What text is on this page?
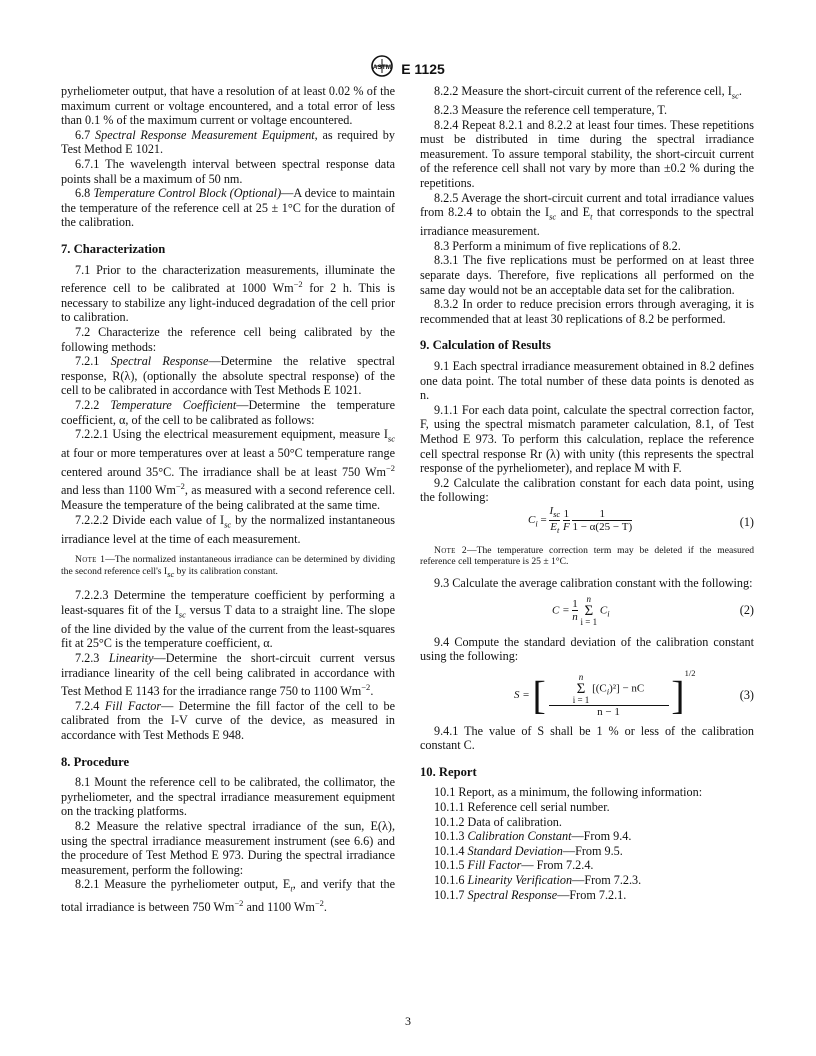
ASTM E 1125

pyrheliometer output, that have a resolution of at least 0.02 % of the maximum current or voltage encountered, and a total error of less than 0.1 % of the maximum current or voltage encountered.

6.7 Spectral Response Measurement Equipment, as required by Test Method E 1021.

6.7.1 The wavelength interval between spectral response data points shall be a maximum of 50 nm.

6.8 Temperature Control Block (Optional)—A device to maintain the temperature of the reference cell at 25 ± 1°C for the duration of the calibration.

7. Characterization

7.1 Prior to the characterization measurements, illuminate the reference cell to be calibrated at 1000 $Wm^{-2}$ for 2 h. This is necessary to stabilize any light-induced degradation of the cell prior to calibration.

7.2 Characterize the reference cell being calibrated by the following methods:

7.2.1 Spectral Response—Determine the relative spectral response, R(λ), (optionally the absolute spectral response) of the cell to be calibrated in accordance with Test Methods E 1021.

7.2.2 Temperature Coefficient—Determine the temperature coefficient, α, of the cell to be calibrated as follows:

7.2.2.1 Using the electrical measurement equipment, measure $I_{sc}$ at four or more temperatures over at least a 50°C temperature range centered around 35°C. The irradiance shall be at least 750 $Wm^{-2}$ and less than 1100 $Wm^{-2}$, as measured with a second reference cell. Measure the temperature of the being calibrated at the same time.

7.2.2.2 Divide each value of $I_{sc}$ by the normalized instantaneous irradiance level at the time of each measurement.

Note 1—The normalized instantaneous irradiance can be determined by dividing the second reference cell's $I_{sc}$ by its calibration constant.

7.2.2.3 Determine the temperature coefficient by performing a least-squares fit of the $I_{sc}$ versus T data to a straight line. The slope of the line divided by the value of the current from the least-squares fit at 25°C is the temperature coefficient, α.

7.2.3 Linearity—Determine the short-circuit current versus irradiance linearity of the cell being calibrated in accordance with Test Method E 1143 for the irradiance range 750 to 1100 $Wm^{-2}$.

7.2.4 Fill Factor— Determine the fill factor of the cell to be calibrated from the I-V curve of the device, as measured in accordance with Test Methods E 948.

8. Procedure

8.1 Mount the reference cell to be calibrated, the collimator, the pyrheliometer, and the spectral irradiance measurement equipment on the tracking platforms.

8.2 Measure the relative spectral irradiance of the sun, E(λ), using the spectral irradiance measurement instrument (see 6.6) and the procedure of Test Method E 973. During the spectral irradiance measurement, perform the following:

8.2.1 Measure the pyrheliometer output, $E_t$, and verify that the total irradiance is between 750 $Wm^{-2}$ and 1100 $Wm^{-2}$.

8.2.2 Measure the short-circuit current of the reference cell, $I_{sc}$.

8.2.3 Measure the reference cell temperature, T.

8.2.4 Repeat 8.2.1 and 8.2.2 at least four times. These repetitions must be distributed in time during the spectral irradiance measurement. To assure temporal stability, the short-circuit current of the reference cell shall not vary by more than ±0.2 % during the repetitions.

8.2.5 Average the short-circuit current and total irradiance values from 8.2.4 to obtain the $I_{sc}$ and $E_t$ that corresponds to the spectral irradiance measurement.

8.3 Perform a minimum of five replications of 8.2.

8.3.1 The five replications must be performed on at least three separate days. Therefore, five replications all performed on the same day would not be an acceptable data set for the calibration.

8.3.2 In order to reduce precision errors through averaging, it is recommended that at least 30 replications of 8.2 be performed.

9. Calculation of Results

9.1 Each spectral irradiance measurement obtained in 8.2 defines one data point. The total number of these data points is denoted as n.

9.1.1 For each data point, calculate the spectral correction factor, F, using the spectral mismatch parameter calculation, 8.1, of Test Method E 973. To perform this calculation, replace the reference cell spectral response Rr (λ) with unity (this represents the spectral response of the pyrheliometer), and replace M with F.

9.2 Calculate the calibration constant for each data point, using the following:

$C_i = \frac{I_{sc}}{E_t}$
$\frac{1}{F}$
$\frac{1}{1 - \alpha(25 - T)}$	(1)

Note 2—The temperature correction term may be deleted if the measured reference cell temperature is 25 ± 1°C.

9.3 Calculate the average calibration constant with the following:

$C = \frac{1}{n}$
n
Σ
i = 1
$C_i$	(2)

9.4 Compute the standard deviation of the calibration constant using the following:

S = [ n
Σ
i = 1
$[(C_i)^2]$ − nC
n − 1 ]$^{1/2}$
(3)

9.4.1 The value of S shall be 1 % or less of the calibration constant C.

10. Report

10.1 Report, as a minimum, the following information:

10.1.1 Reference cell serial number.

10.1.2 Data of calibration.

10.1.3 Calibration Constant—From 9.4.

10.1.4 Standard Deviation—From 9.5.

10.1.5 Fill Factor— From 7.2.4.

10.1.6 Linearity Verification—From 7.2.3.

10.1.7 Spectral Response—From 7.2.1.

3
